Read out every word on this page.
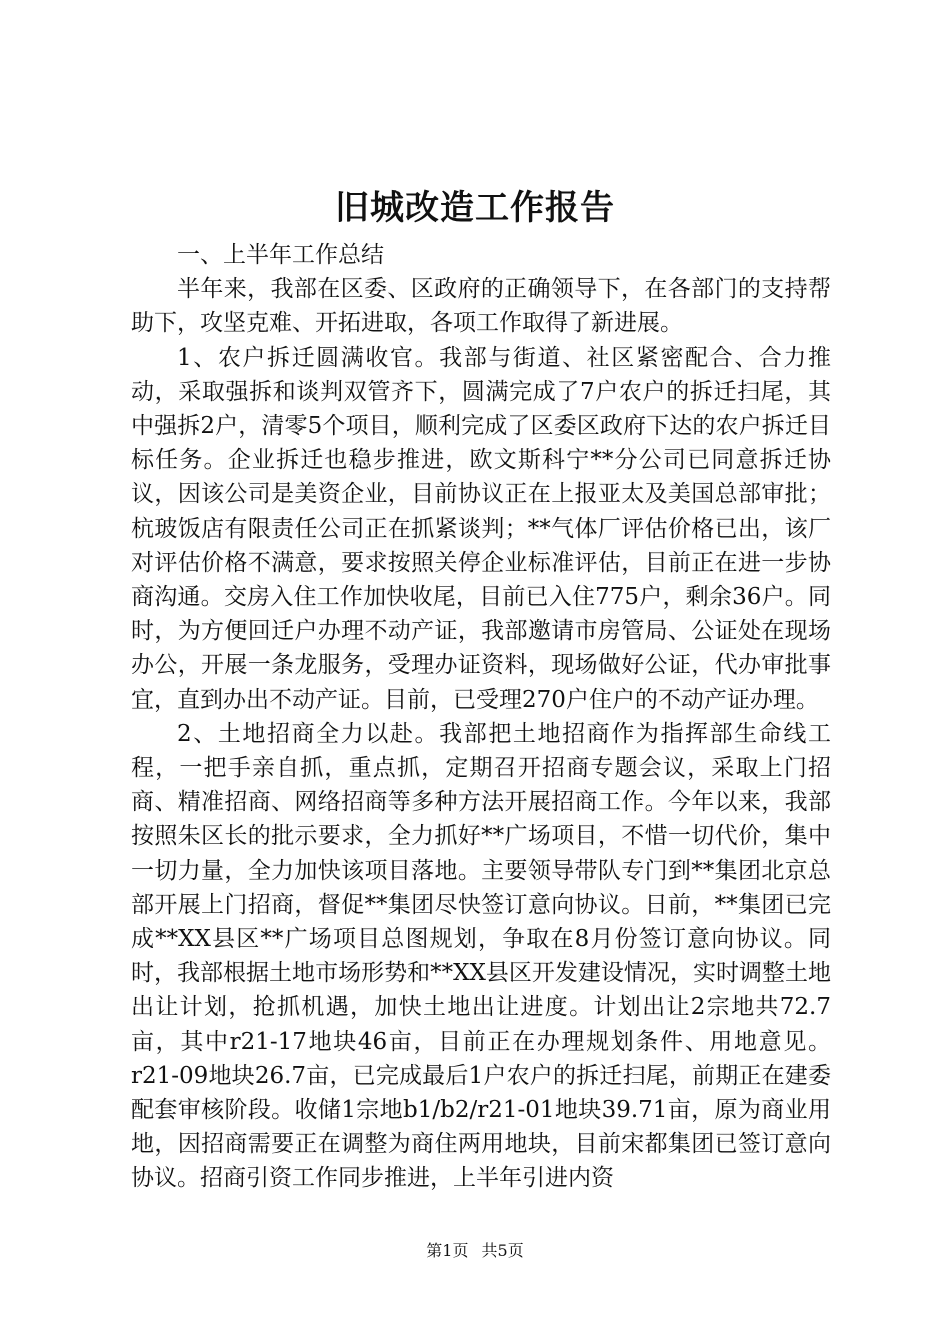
旧城改造工作报告

一、上半年工作总结

半年来，我部在区委、区政府的正确领导下，在各部门的支持帮助下，攻坚克难、开拓进取，各项工作取得了新进展。

1、农户拆迁圆满收官。我部与街道、社区紧密配合、合力推动，采取强拆和谈判双管齐下，圆满完成了7户农户的拆迁扫尾，其中强拆2户，清零5个项目，顺利完成了区委区政府下达的农户拆迁目标任务。企业拆迁也稳步推进，欧文斯科宁**分公司已同意拆迁协议，因该公司是美资企业，目前协议正在上报亚太及美国总部审批；杭玻饭店有限责任公司正在抓紧谈判；**气体厂评估价格已出，该厂对评估价格不满意，要求按照关停企业标准评估，目前正在进一步协商沟通。交房入住工作加快收尾，目前已入住775户，剩余36户。同时，为方便回迁户办理不动产证，我部邀请市房管局、公证处在现场办公，开展一条龙服务，受理办证资料，现场做好公证，代办审批事宜，直到办出不动产证。目前，已受理270户住户的不动产证办理。

2、土地招商全力以赴。我部把土地招商作为指挥部生命线工程，一把手亲自抓，重点抓，定期召开招商专题会议，采取上门招商、精准招商、网络招商等多种方法开展招商工作。今年以来，我部按照朱区长的批示要求，全力抓好**广场项目，不惜一切代价，集中一切力量，全力加快该项目落地。主要领导带队专门到**集团北京总部开展上门招商，督促**集团尽快签订意向协议。日前，**集团已完成**XX县区**广场项目总图规划，争取在8月份签订意向协议。同时，我部根据土地市场形势和**XX县区开发建设情况，实时调整土地出让计划，抢抓机遇，加快土地出让进度。计划出让2宗地共72.7亩，其中r21-17地块46亩，目前正在办理规划条件、用地意见。r21-09地块26.7亩，已完成最后1户农户的拆迁扫尾，前期正在建委配套审核阶段。收储1宗地b1/b2/r21-01地块39.71亩，原为商业用地，因招商需要正在调整为商住两用地块，目前宋都集团已签订意向协议。招商引资工作同步推进，上半年引进内资

第1页 共5页
